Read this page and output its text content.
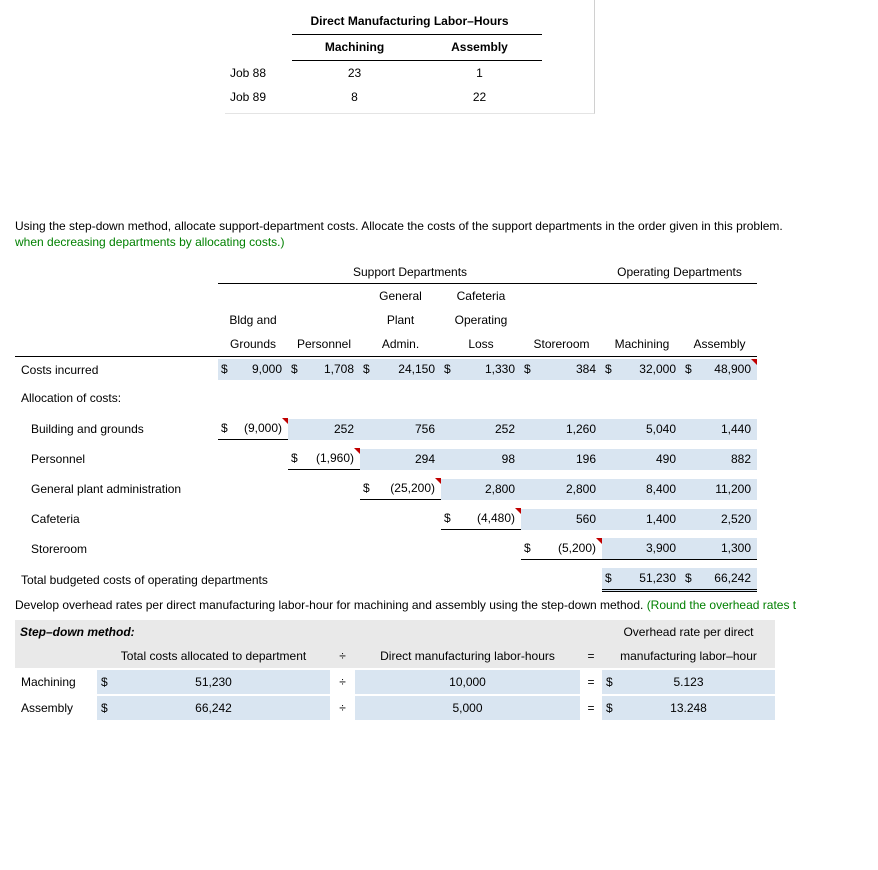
Direct Manufacturing Labor–Hours
Machining	Assembly
Job 88	23	1
Job 89	8	22
Using the step-down method, allocate support-department costs. Allocate the costs of the support departments in the order given in this problem.
when decreasing departments by allocating costs.)
	Support Departments					Operating Departments	

Bldg and
Grounds	Personnel

General
Plant
Admin.

Cafeteria
Operating
Loss	Storeroom	Machining	Assembly

Costs incurred	$ 9,000	$ 1,708	$ 24,150	$ 1,330	$ 384	$ 32,000	$ 48,900

Allocation of costs:							
Building and grounds	$ (9,000)	252	756	252	1,260	5,040	1,440

Personnel		$ (1,960)	294	98	196	490	882

General plant administration			$ (25,200)	2,800	2,800	8,400	11,200

Cafeteria				$ (4,480)	560	1,400	2,520

Storeroom					$ (5,200)	3,900	1,300

Total budgeted costs of operating departments						$ 51,230	$ 66,242
Develop overhead rates per direct manufacturing labor-hour for machining and assembly using the step-down method. (Round the overhead rates t
Step–down method:					Overhead rate per direct
	Total costs allocated to department	÷	Direct manufacturing labor-hours	=	manufacturing labor–hour
Machining	$ 51,230	÷	10,000	=	$ 5.123
Assembly	$ 66,242	÷	5,000	=	$ 13.248
